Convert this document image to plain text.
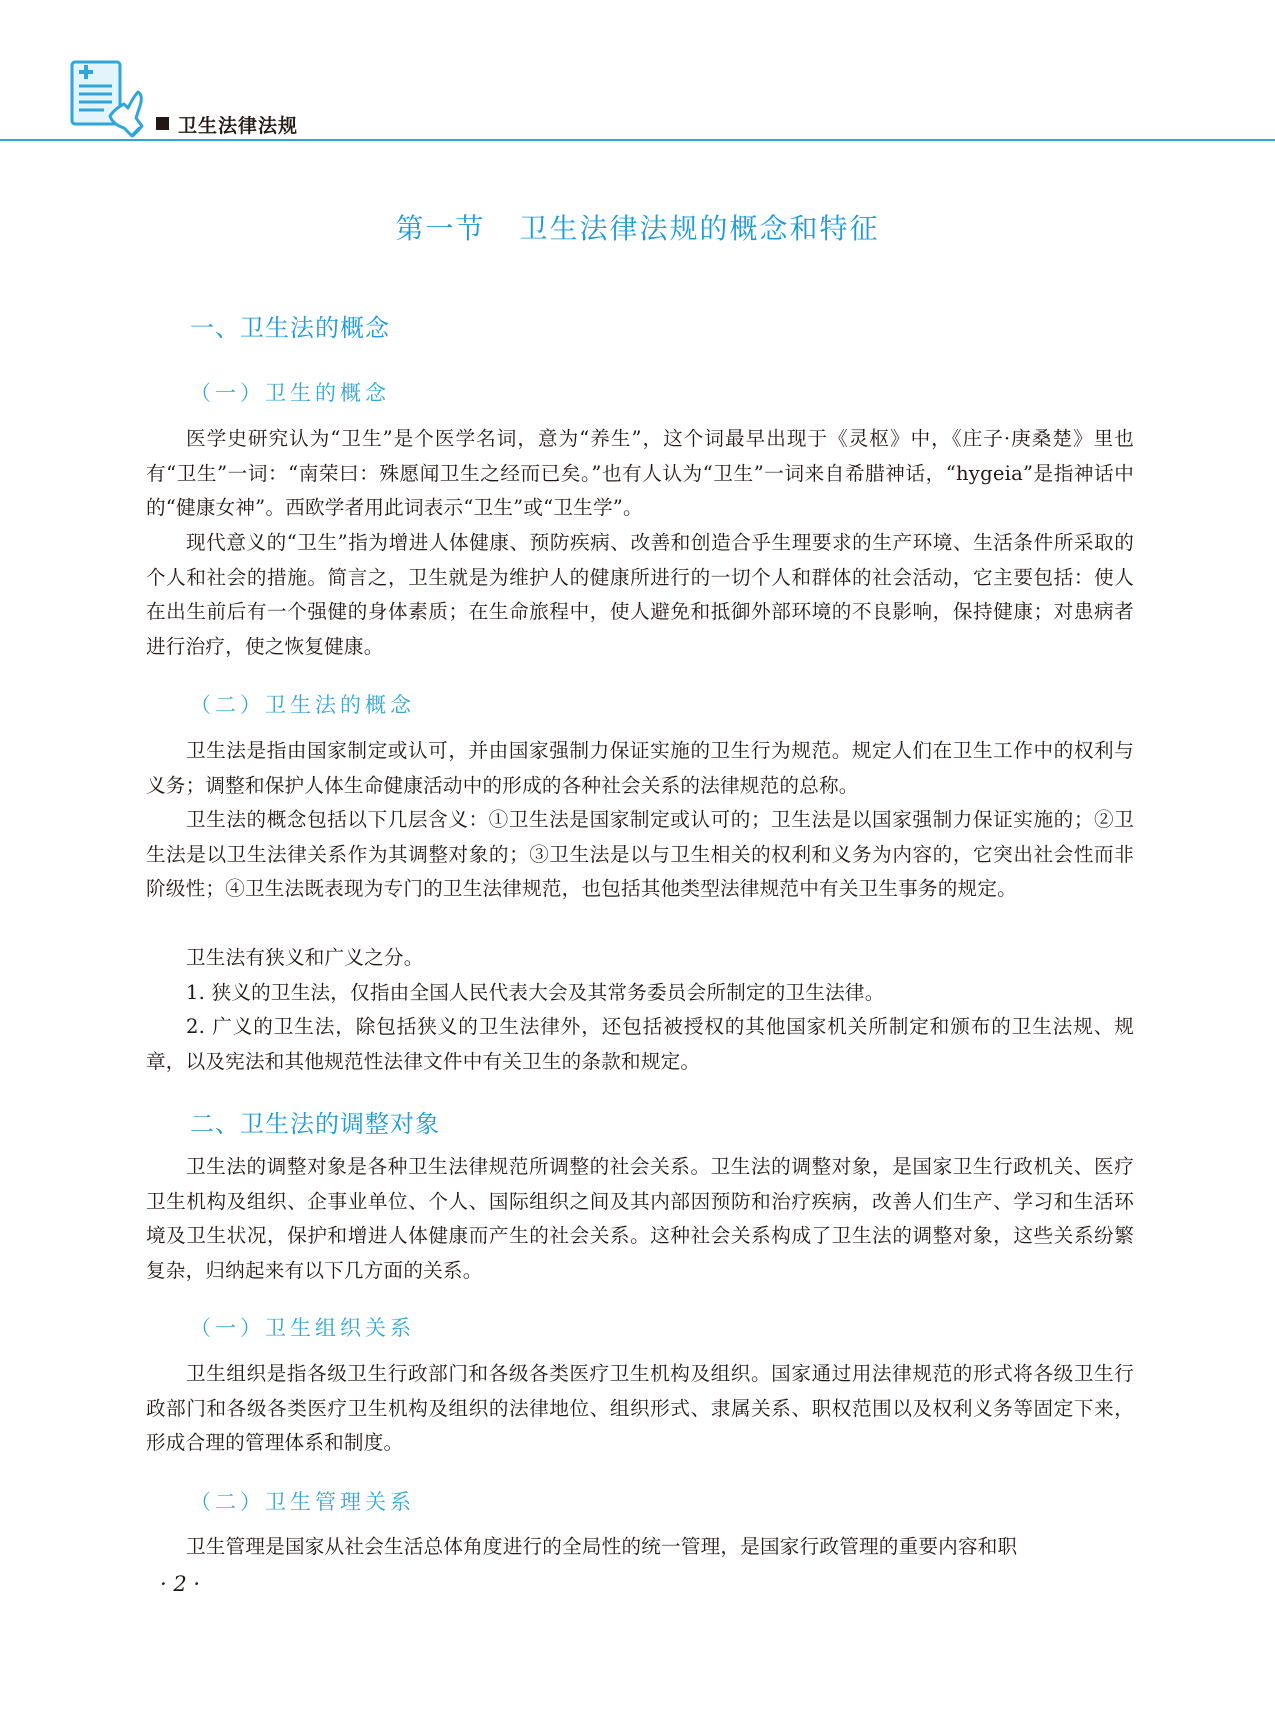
卫生法律法规
第一节 卫生法律法规的概念和特征
一、卫生法的概念
（一）卫生的概念

医学史研究认为“卫生”是个医学名词，意为“养生”，这个词最早出现于《灵枢》中，《庄子·庚桑楚》里也有“卫生”一词：“南荣曰：殊愿闻卫生之经而已矣。”也有人认为“卫生”一词来自希腊神话，“hygeia”是指神话中的“健康女神”。西欧学者用此词表示“卫生”或“卫生学”。

现代意义的“卫生”指为增进人体健康、预防疾病、改善和创造合乎生理要求的生产环境、生活条件所采取的个人和社会的措施。简言之，卫生就是为维护人的健康所进行的一切个人和群体的社会活动，它主要包括：使人在出生前后有一个强健的身体素质；在生命旅程中，使人避免和抵御外部环境的不良影响，保持健康；对患病者进行治疗，使之恢复健康。

（二）卫生法的概念

卫生法是指由国家制定或认可，并由国家强制力保证实施的卫生行为规范。规定人们在卫生工作中的权利与义务；调整和保护人体生命健康活动中的形成的各种社会关系的法律规范的总称。

卫生法的概念包括以下几层含义：①卫生法是国家制定或认可的；卫生法是以国家强制力保证实施的；②卫生法是以卫生法律关系作为其调整对象的；③卫生法是以与卫生相关的权利和义务为内容的，它突出社会性而非阶级性；④卫生法既表现为专门的卫生法律规范，也包括其他类型法律规范中有关卫生事务的规定。

卫生法有狭义和广义之分。

1. 狭义的卫生法，仅指由全国人民代表大会及其常务委员会所制定的卫生法律。

2. 广义的卫生法，除包括狭义的卫生法律外，还包括被授权的其他国家机关所制定和颁布的卫生法规、规章，以及宪法和其他规范性法律文件中有关卫生的条款和规定。

二、卫生法的调整对象

卫生法的调整对象是各种卫生法律规范所调整的社会关系。卫生法的调整对象，是国家卫生行政机关、医疗卫生机构及组织、企事业单位、个人、国际组织之间及其内部因预防和治疗疾病，改善人们生产、学习和生活环境及卫生状况，保护和增进人体健康而产生的社会关系。这种社会关系构成了卫生法的调整对象，这些关系纷繁复杂，归纳起来有以下几方面的关系。

（一）卫生组织关系

卫生组织是指各级卫生行政部门和各级各类医疗卫生机构及组织。国家通过用法律规范的形式将各级卫生行政部门和各级各类医疗卫生机构及组织的法律地位、组织形式、隶属关系、职权范围以及权利义务等固定下来，形成合理的管理体系和制度。

（二）卫生管理关系

卫生管理是国家从社会生活总体角度进行的全局性的统一管理，是国家行政管理的重要内容和职

· 2 ·
